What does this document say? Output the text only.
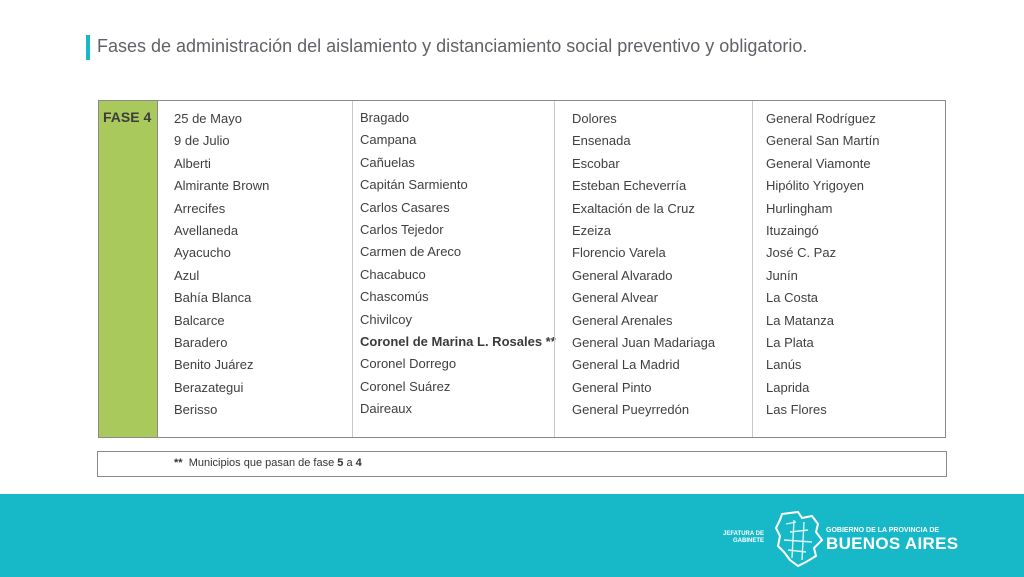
Fases de administración del aislamiento y distanciamiento social preventivo y obligatorio.
FASE 4 25 de Mayo
9 de Julio
Alberti
Almirante Brown
Arrecifes
Avellaneda
Ayacucho
Azul
Bahía Blanca
Balcarce
Baradero
Benito Juárez
Berazategui
Berisso
Bragado
Campana
Cañuelas
Capitán Sarmiento
Carlos Casares
Carlos Tejedor
Carmen de Areco
Chacabuco
Chascomús
Chivilcoy
Coronel de Marina L. Rosales **
Coronel Dorrego
Coronel Suárez
Daireaux
Dolores
Ensenada
Escobar
Esteban Echeverría
Exaltación de la Cruz
Ezeiza
Florencio Varela
General Alvarado
General Alvear
General Arenales
General Juan Madariaga
General La Madrid
General Pinto
General Pueyrredón
General Rodríguez
General San Martín
General Viamonte
Hipólito Yrigoyen
Hurlingham
Ituzaingó
José C. Paz
Junín
La Costa
La Matanza
La Plata
Lanús
Laprida
Las Flores
** Municipios que pasan de fase 5 a 4
JEFATURA DE
GABINETE
GOBIERNO DE LA PROVINCIA DE
BUENOS AIRES
